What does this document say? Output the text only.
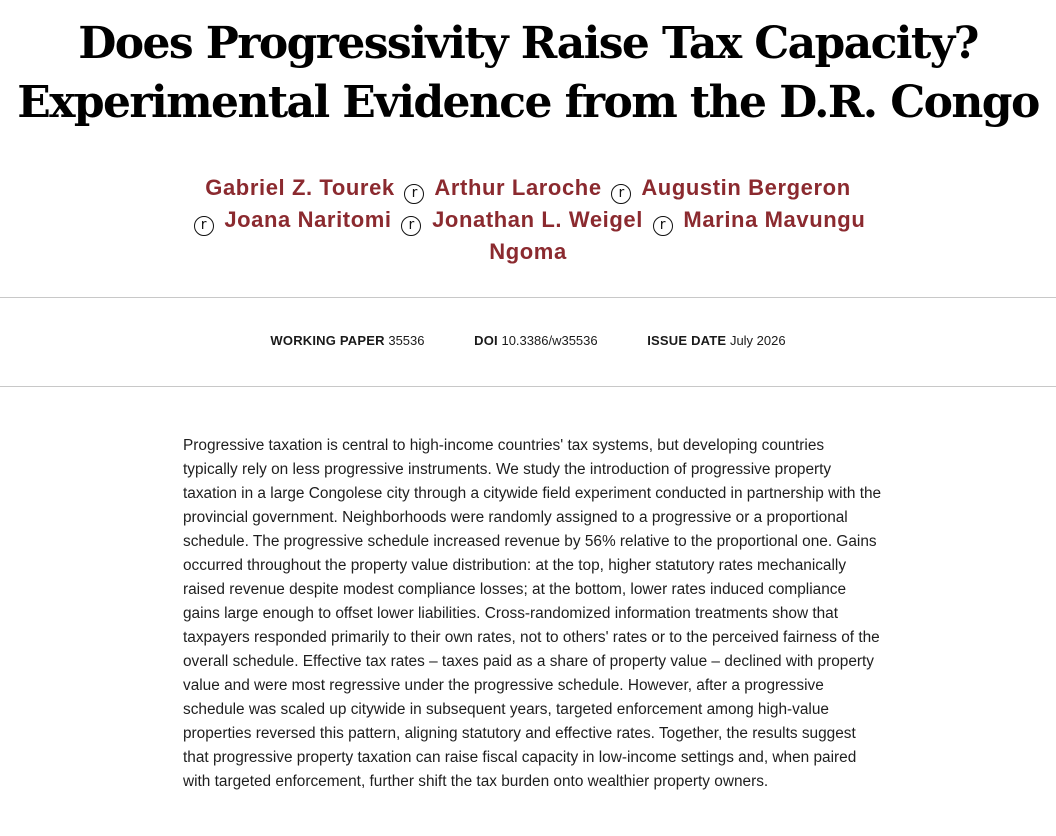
Does Progressivity Raise Tax Capacity?
Experimental Evidence from the D.R. Congo
Gabriel Z. Tourek r Arthur Laroche r Augustin Bergeron r Joana Naritomi r Jonathan L. Weigel r Marina Mavungu Ngoma
WORKING PAPER 35536	DOI 10.3386/w35536	ISSUE DATE July 2026

Progressive taxation is central to high-income countries' tax systems, but developing countries typically rely on less progressive instruments. We study the introduction of progressive property taxation in a large Congolese city through a citywide field experiment conducted in partnership with the provincial government. Neighborhoods were randomly assigned to a progressive or a proportional schedule. The progressive schedule increased revenue by 56% relative to the proportional one. Gains occurred throughout the property value distribution: at the top, higher statutory rates mechanically raised revenue despite modest compliance losses; at the bottom, lower rates induced compliance gains large enough to offset lower liabilities. Cross-randomized information treatments show that taxpayers responded primarily to their own rates, not to others' rates or to the perceived fairness of the overall schedule. Effective tax rates – taxes paid as a share of property value – declined with property value and were most regressive under the progressive schedule. However, after a progressive schedule was scaled up citywide in subsequent years, targeted enforcement among high-value properties reversed this pattern, aligning statutory and effective rates. Together, the results suggest that progressive property taxation can raise fiscal capacity in low-income settings and, when paired with targeted enforcement, further shift the tax burden onto wealthier property owners.
